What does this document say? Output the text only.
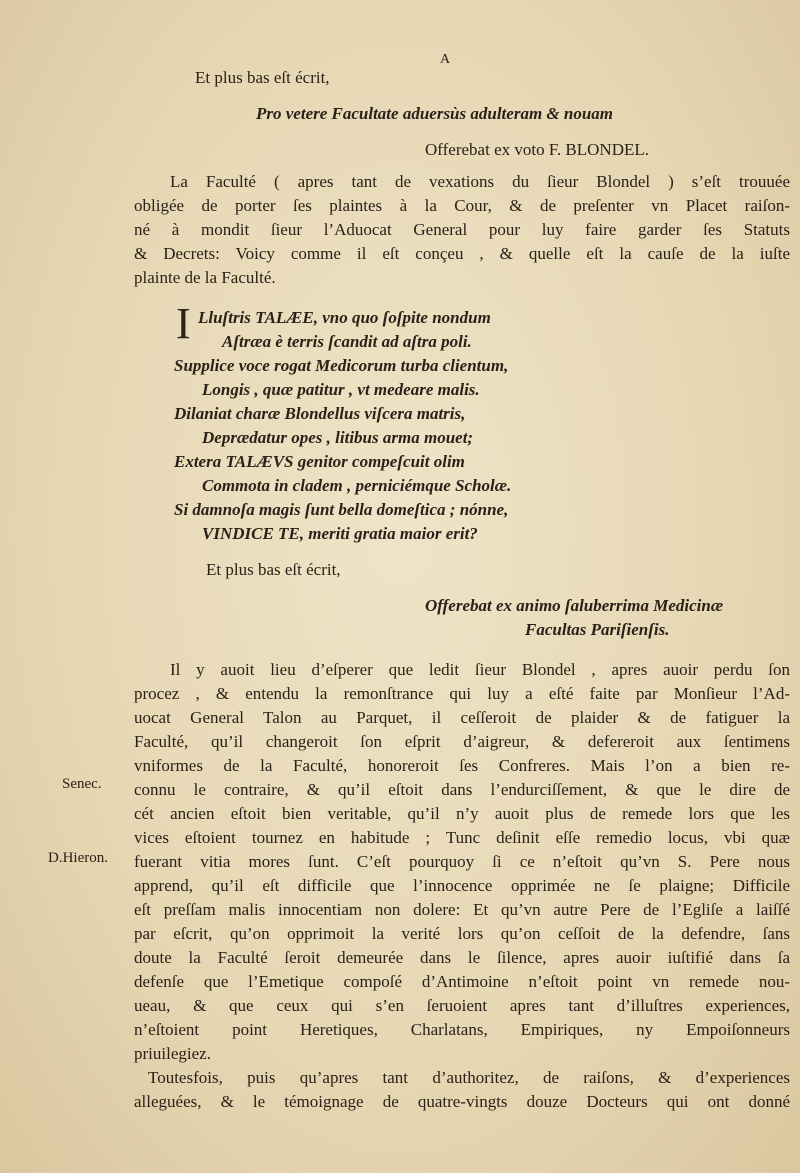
A
Et plus bas eſt écrit,
Pro vetere Facultate aduersùs adulteram & nouam
Offerebat ex voto F. BLONDEL.
La Faculté ( apres tant de vexations du ſieur Blondel ) s’eſt trouuée
obligée de porter ſes plaintes à la Cour, & de preſenter vn Placet raiſon-
né à mondit ſieur l’Aduocat General pour luy faire garder ſes Statuts
& Decrets: Voicy comme il eſt conçeu , & quelle eſt la cauſe de la iuſte
plainte de la Faculté.
I Lluſtris TALÆE, vno quo ſoſpite nondum
Aſtræa è terris ſcandit ad aſtra poli.
Supplice voce rogat Medicorum turba clientum,
Longis , quæ patitur , vt medeare malis.
Dilaniat charæ Blondellus viſcera matris,
Deprædatur opes , litibus arma mouet;
Extera TALÆVS genitor compeſcuit olim
Commota in cladem , perniciémque Scholæ.
Si damnoſa magis ſunt bella domeſtica ; nónne,
VINDICE TE, meriti gratia maior erit?
Et plus bas eſt écrit,
Offerebat ex animo ſaluberrima Medicinæ
Facultas Pariſienſis.
Il y auoit lieu d’eſperer que ledit ſieur Blondel , apres auoir perdu ſon
procez , & entendu la remonſtrance qui luy a eſté faite par Monſieur l’Ad-
uocat General Talon au Parquet, il ceſſeroit de plaider & de fatiguer la
Faculté, qu’il changeroit ſon eſprit d’aigreur, & defereroit aux ſentimens
vniformes de la Faculté, honoreroit ſes Confreres. Mais l’on a bien re-
connu le contraire, & qu’il eſtoit dans l’endurciſſement, & que le dire de
cét ancien eſtoit bien veritable, qu’il n’y auoit plus de remede lors que les
vices eſtoient tournez en habitude ; Tunc deſinit eſſe remedio locus, vbi quæ
fuerant vitia mores ſunt. C’eſt pourquoy ſi ce n’eſtoit qu’vn S. Pere nous
apprend, qu’il eſt difficile que l’innocence opprimée ne ſe plaigne; Difficile
eſt preſſam malis innocentiam non dolere: Et qu’vn autre Pere de l’Egliſe a laiſſé
par eſcrit, qu’on opprimoit la verité lors qu’on ceſſoit de la defendre, ſans
doute la Faculté ſeroit demeurée dans le ſilence, apres auoir iuſtifié dans ſa
defenſe que l’Emetique compoſé d’Antimoine n’eſtoit point vn remede nou-
ueau, & que ceux qui s’en ſeruoient apres tant d’illuſtres experiences,
n’eſtoient point Heretiques, Charlatans, Empiriques, ny Empoiſonneurs
priuilegiez.
Toutesfois, puis qu’apres tant d’authoritez, de raiſons, & d’experiences
alleguées, & le témoignage de quatre-vingts douze Docteurs qui ont donné
Senec.
D.Hieron.
